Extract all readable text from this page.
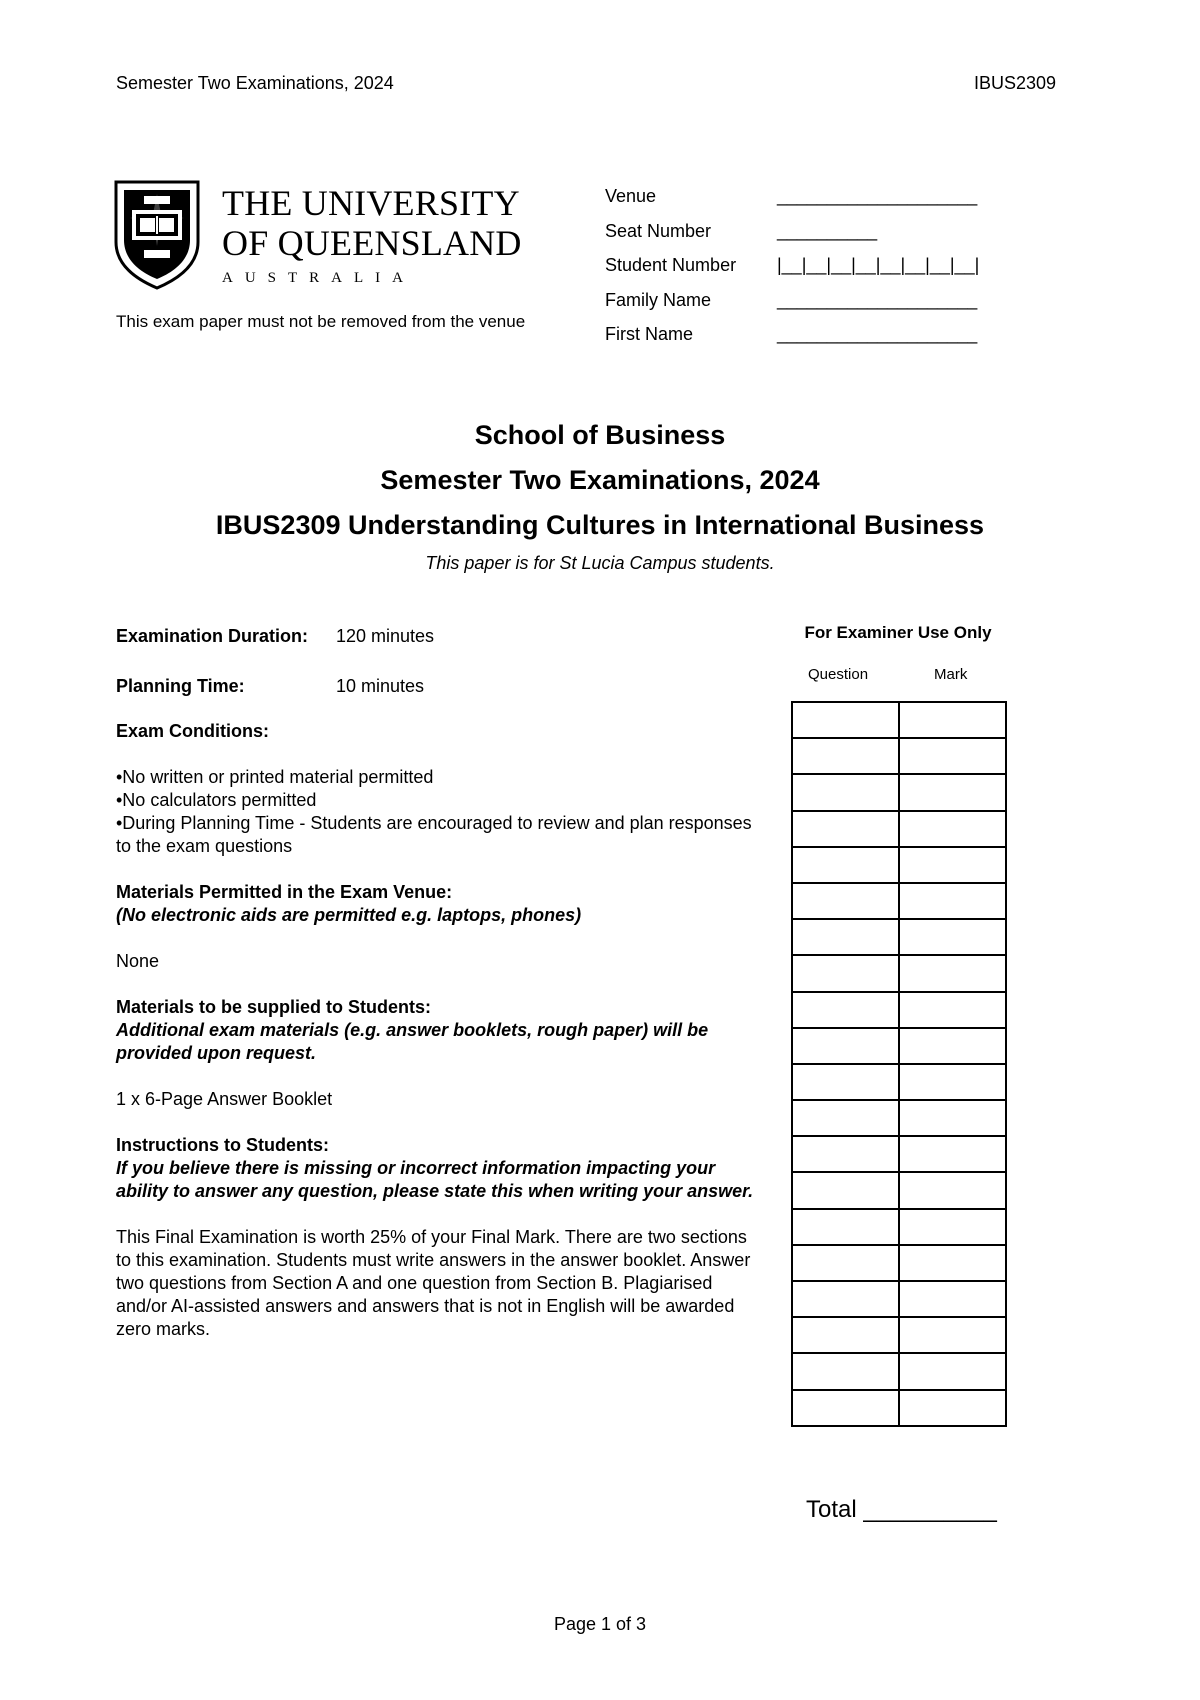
Semester Two Examinations, 2024	IBUS2309
THE UNIVERSITY
OF QUEENSLAND
AUSTRALIA
This exam paper must not be removed from the venue
Venue	____________________
Seat Number	__________
Student Number |__|__|__|__|__|__|__|__|
Family Name	____________________
First Name	____________________
School of Business
Semester Two Examinations, 2024
IBUS2309 Understanding Cultures in International Business
This paper is for St Lucia Campus students.
Examination Duration: 120 minutes
Planning Time:	10 minutes

Exam Conditions:

•No written or printed material permitted

•No calculators permitted

•During Planning Time - Students are encouraged to review and plan responses to the exam questions

Materials Permitted in the Exam Venue:

(No electronic aids are permitted e.g. laptops, phones)

None

Materials to be supplied to Students:

Additional exam materials (e.g. answer booklets, rough paper) will be provided upon request.

1 x 6-Page Answer Booklet

Instructions to Students:

If you believe there is missing or incorrect information impacting your ability to answer any question, please state this when writing your answer.

This Final Examination is worth 25% of your Final Mark. There are two sections to this examination. Students must write answers in the answer booklet. Answer two questions from Section A and one question from Section B. Plagiarised and/or AI-assisted answers and answers that is not in English will be awarded zero marks.

For Examiner Use Only
Question	Mark

Total __________
Page 1 of 3
